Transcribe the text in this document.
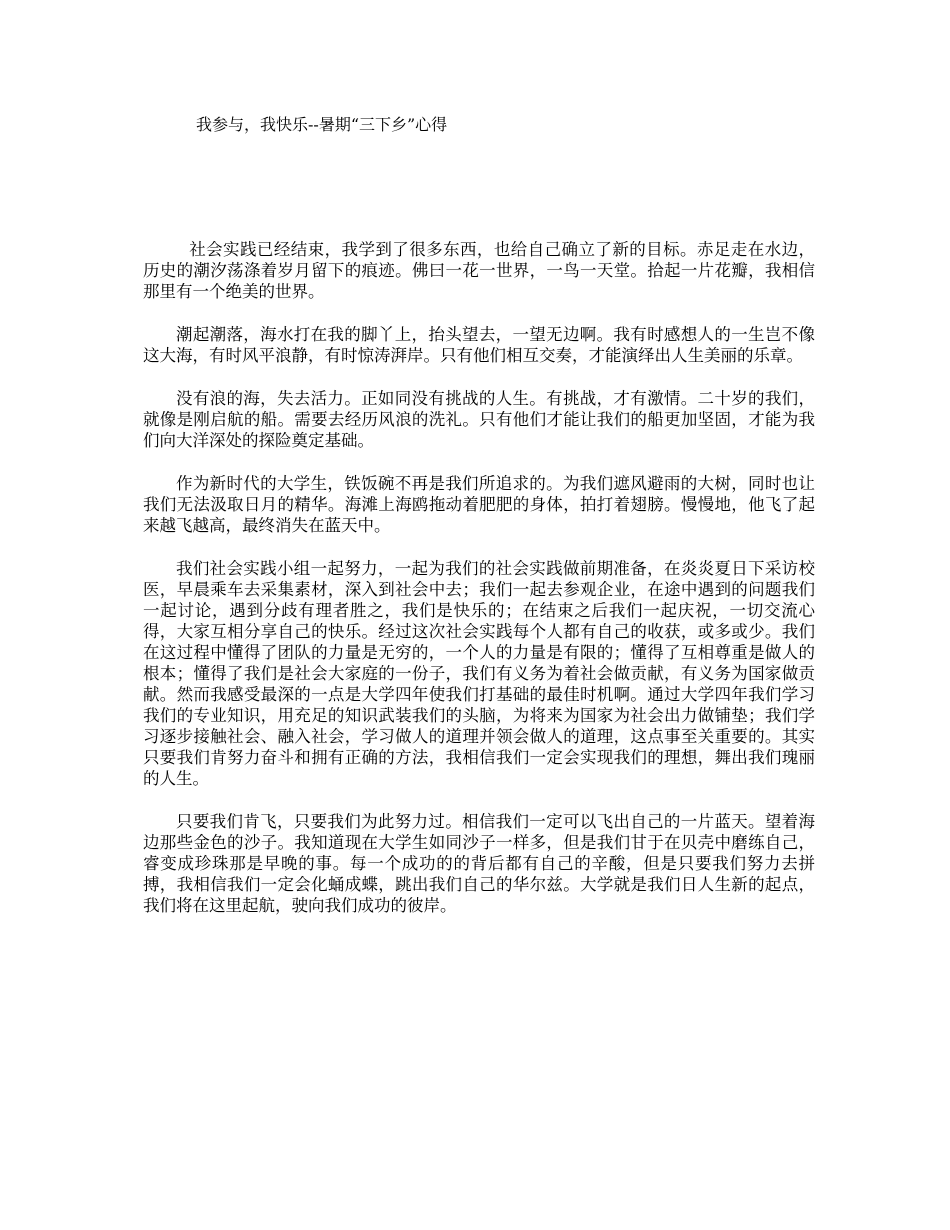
我参与，我快乐--暑期“三下乡”心得

社会实践已经结束，我学到了很多东西，也给自己确立了新的目标。赤足走在水边，历史的潮汐荡涤着岁月留下的痕迹。佛曰一花一世界，一鸟一天堂。拾起一片花瓣，我相信那里有一个绝美的世界。

潮起潮落，海水打在我的脚丫上，抬头望去，一望无边啊。我有时感想人的一生岂不像这大海，有时风平浪静，有时惊涛湃岸。只有他们相互交奏，才能演绎出人生美丽的乐章。

没有浪的海，失去活力。正如同没有挑战的人生。有挑战，才有激情。二十岁的我们，就像是刚启航的船。需要去经历风浪的洗礼。只有他们才能让我们的船更加坚固，才能为我们向大洋深处的探险奠定基础。

作为新时代的大学生，铁饭碗不再是我们所追求的。为我们遮风避雨的大树，同时也让我们无法汲取日月的精华。海滩上海鸥拖动着肥肥的身体，拍打着翅膀。慢慢地，他飞了起来越飞越高，最终消失在蓝天中。

我们社会实践小组一起努力，一起为我们的社会实践做前期准备，在炎炎夏日下采访校医，早晨乘车去采集素材，深入到社会中去；我们一起去参观企业，在途中遇到的问题我们一起讨论，遇到分歧有理者胜之，我们是快乐的；在结束之后我们一起庆祝，一切交流心得，大家互相分享自己的快乐。经过这次社会实践每个人都有自己的收获，或多或少。我们在这过程中懂得了团队的力量是无穷的，一个人的力量是有限的；懂得了互相尊重是做人的根本；懂得了我们是社会大家庭的一份子，我们有义务为着社会做贡献，有义务为国家做贡献。然而我感受最深的一点是大学四年使我们打基础的最佳时机啊。通过大学四年我们学习我们的专业知识，用充足的知识武装我们的头脑，为将来为国家为社会出力做铺垫；我们学习逐步接触社会、融入社会，学习做人的道理并领会做人的道理，这点事至关重要的。其实只要我们肯努力奋斗和拥有正确的方法，我相信我们一定会实现我们的理想，舞出我们瑰丽的人生。

只要我们肯飞，只要我们为此努力过。相信我们一定可以飞出自己的一片蓝天。望着海边那些金色的沙子。我知道现在大学生如同沙子一样多，但是我们甘于在贝壳中磨练自己，睿变成珍珠那是早晚的事。每一个成功的的背后都有自己的辛酸，但是只要我们努力去拼搏，我相信我们一定会化蛹成蝶，跳出我们自己的华尔兹。大学就是我们日人生新的起点，我们将在这里起航，驶向我们成功的彼岸。
